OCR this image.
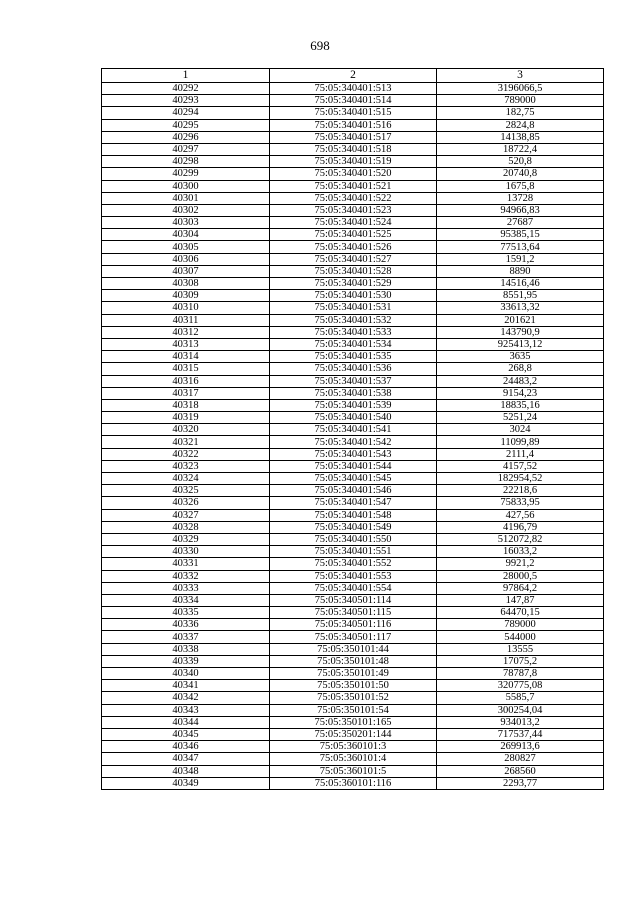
698
1	2	3
40292	75:05:340401:513	3196066,5
40293	75:05:340401:514	789000
40294	75:05:340401:515	182,75
40295	75:05:340401:516	2824,8
40296	75:05:340401:517	14138,85
40297	75:05:340401:518	18722,4
40298	75:05:340401:519	520,8
40299	75:05:340401:520	20740,8
40300	75:05:340401:521	1675,8
40301	75:05:340401:522	13728
40302	75:05:340401:523	94966,83
40303	75:05:340401:524	27687
40304	75:05:340401:525	95385,15
40305	75:05:340401:526	77513,64
40306	75:05:340401:527	1591,2
40307	75:05:340401:528	8890
40308	75:05:340401:529	14516,46
40309	75:05:340401:530	8551,95
40310	75:05:340401:531	33613,32
40311	75:05:340401:532	201621
40312	75:05:340401:533	143790,9
40313	75:05:340401:534	925413,12
40314	75:05:340401:535	3635
40315	75:05:340401:536	268,8
40316	75:05:340401:537	24483,2
40317	75:05:340401:538	9154,23
40318	75:05:340401:539	18835,16
40319	75:05:340401:540	5251,24
40320	75:05:340401:541	3024
40321	75:05:340401:542	11099,89
40322	75:05:340401:543	2111,4
40323	75:05:340401:544	4157,52
40324	75:05:340401:545	182954,52
40325	75:05:340401:546	22218,6
40326	75:05:340401:547	75833,95
40327	75:05:340401:548	427,56
40328	75:05:340401:549	4196,79
40329	75:05:340401:550	512072,82
40330	75:05:340401:551	16033,2
40331	75:05:340401:552	9921,2
40332	75:05:340401:553	28000,5
40333	75:05:340401:554	97864,2
40334	75:05:340501:114	147,87
40335	75:05:340501:115	64470,15
40336	75:05:340501:116	789000
40337	75:05:340501:117	544000
40338	75:05:350101:44	13555
40339	75:05:350101:48	17075,2
40340	75:05:350101:49	78787,8
40341	75:05:350101:50	320775,08
40342	75:05:350101:52	5585,7
40343	75:05:350101:54	300254,04
40344	75:05:350101:165	934013,2
40345	75:05:350201:144	717537,44
40346	75:05:360101:3	269913,6
40347	75:05:360101:4	280827
40348	75:05:360101:5	268560
40349	75:05:360101:116	2293,77
